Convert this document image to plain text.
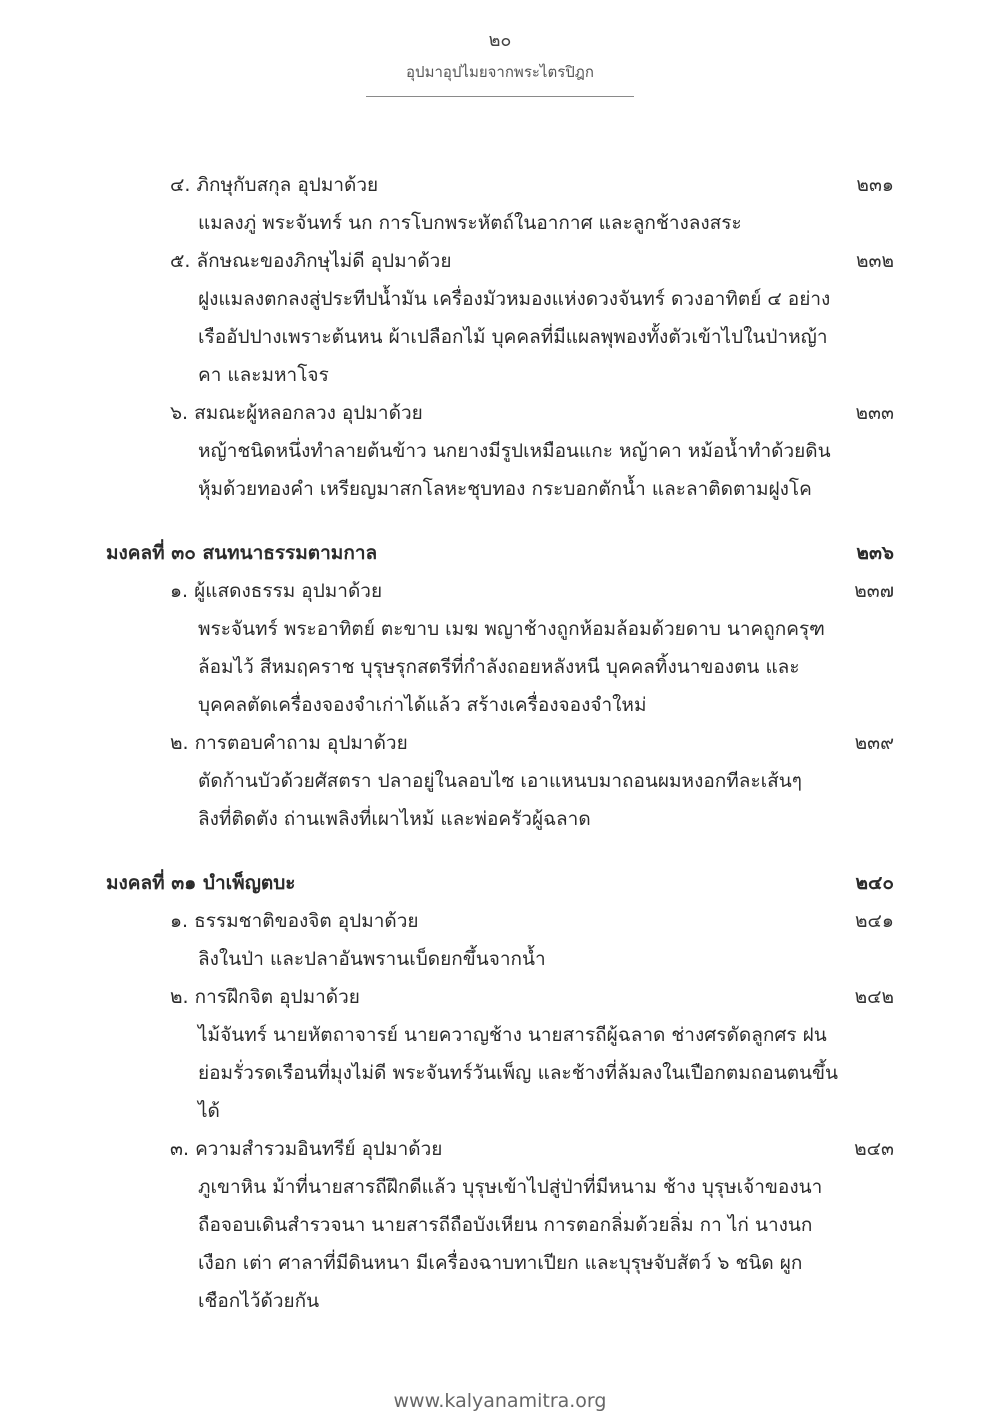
๒๐
อุปมาอุปไมยจากพระไตรปิฎก
๔. ภิกษุกับสกุล อุปมาด้วย	๒๓๑
แมลงภู่ พระจันทร์ นก การโบกพระหัตถ์ในอากาศ และลูกช้างลงสระ
๕. ลักษณะของภิกษุไม่ดี อุปมาด้วย	๒๓๒
ฝูงแมลงตกลงสู่ประทีปน้ำมัน เครื่องมัวหมองแห่งดวงจันทร์ ดวงอาทิตย์ ๔ อย่าง
เรืออัปปางเพราะต้นหน ผ้าเปลือกไม้ บุคคลที่มีแผลพุพองทั้งตัวเข้าไปในป่าหญ้า
คา และมหาโจร
๖. สมณะผู้หลอกลวง อุปมาด้วย	๒๓๓
หญ้าชนิดหนึ่งทำลายต้นข้าว นกยางมีรูปเหมือนแกะ หญ้าคา หม้อน้ำทำด้วยดิน
หุ้มด้วยทองคำ เหรียญมาสกโลหะชุบทอง กระบอกตักน้ำ และลาติดตามฝูงโค
มงคลที่ ๓๐ สนทนาธรรมตามกาล	๒๓๖
๑. ผู้แสดงธรรม อุปมาด้วย	๒๓๗
พระจันทร์ พระอาทิตย์ ตะขาบ เมฆ พญาช้างถูกห้อมล้อมด้วยดาบ นาคถูกครุฑ
ล้อมไว้ สีหมฤคราช บุรุษรุกสตรีที่กำลังถอยหลังหนี บุคคลทิ้งนาของตน และ
บุคคลตัดเครื่องจองจำเก่าได้แล้ว สร้างเครื่องจองจำใหม่
๒. การตอบคำถาม อุปมาด้วย	๒๓๙
ตัดก้านบัวด้วยศัสตรา ปลาอยู่ในลอบไซ เอาแหนบมาถอนผมหงอกทีละเส้นๆ
ลิงที่ติดตัง ถ่านเพลิงที่เผาไหม้ และพ่อครัวผู้ฉลาด
มงคลที่ ๓๑ บำเพ็ญตบะ	๒๔๐
๑. ธรรมชาติของจิต อุปมาด้วย	๒๔๑
ลิงในป่า และปลาอันพรานเบ็ดยกขึ้นจากน้ำ
๒. การฝึกจิต อุปมาด้วย	๒๔๒
ไม้จันทร์ นายหัตถาจารย์ นายควาญช้าง นายสารถีผู้ฉลาด ช่างศรดัดลูกศร ฝน
ย่อมรั่วรดเรือนที่มุงไม่ดี พระจันทร์วันเพ็ญ และช้างที่ล้มลงในเปือกตมถอนตนขึ้นได้
๓. ความสำรวมอินทรีย์ อุปมาด้วย	๒๔๓
ภูเขาหิน ม้าที่นายสารถีฝึกดีแล้ว บุรุษเข้าไปสู่ป่าที่มีหนาม ช้าง บุรุษเจ้าของนา
ถือจอบเดินสำรวจนา นายสารถีถือบังเหียน การตอกลิ่มด้วยลิ่ม กา ไก่ นางนก
เงือก เต่า ศาลาที่มีดินหนา มีเครื่องฉาบทาเปียก และบุรุษจับสัตว์ ๖ ชนิด ผูก
เชือกไว้ด้วยกัน
www.kalyanamitra.org
